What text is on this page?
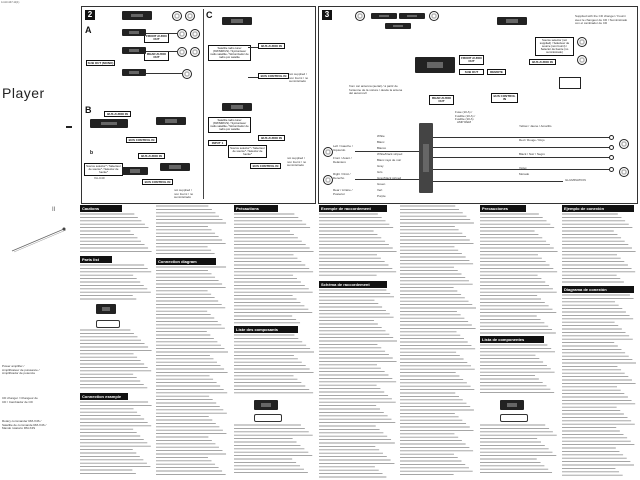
4-113-447-11(1)
Player
II
Power amplifier / Amplificateur de puissance / Amplificador de potencia
CD changer / Changeur de CD / Cambiador de CD
Rotary commander RM-X4S / Satellite de commande RM-X4S / Mando rotatorio RM-X4S
2
A
C
FRONT AUDIO OUT
REAR AUDIO OUT
SUB OUT (MONO)
BUS AUDIO IN
Satellite radio tuner (XM/SIRIUS) / Syntoniseur radio satellite / Sintonizador de radio por satelite
BUS CONTROL IN not supplied / non fourni / no suministrado
B	BUS AUDIO IN
BUS CONTROL IN
b	BUS AUDIO IN
Source selector* / Sélecteur de source* / Selector de fuente*
XA-C40
BUS CONTROL IN
not supplied / non fourni / no suministrado
Satellite radio tuner (XM/SIRIUS) / Syntoniseur radio satellite / Sintonizador de radio por satelite
INPUT 1
BUS AUDIO IN
Source selector* / Sélecteur de source* / Selector de fuente*
BUS CONTROL IN
not supplied / non fourni / no suministrado
3
Source selector (not supplied) / Sélecteur de source (non fourni) / Selector de fuente (no suministrado)
Supplied with the CD changer / Fourni avec le changeur de CD / Suministrado con el cambiador de CD
FRONT AUDIO OUT
SUB OUT	REMOTE
BUS CONTROL IN
BUS AUDIO IN
REAR AUDIO OUT
from car antenna (aerial) / à partir de l'antenne de la voiture / desde la antena del automóvil
Fuse (10 A) / Fusible (10 A) / Fusible (10 A)
AMP REM
Left / Gauche / Izquierdo
Front / Avant / Delantero
Right / Droit / Derecho
Rear / Arrière / Posterior
White
Blanc
Blanco
White/black striped
Blanc rayé de noir
Gray
Gris
Gray/black striped
Green
Vert
Purple
Yellow / Jaune / Amarillo
Red / Rouge / Rojo
Black / Noir / Negro
ILLUMINATION
Violet
Morado
Cautions
Parts list
Connection example
Connection diagram
Précautions
Liste des composants
Exemple de raccordement
Schéma de raccordement
Precauciones
Lista de componentes
Ejemplo de conexión
Diagrama de conexión
